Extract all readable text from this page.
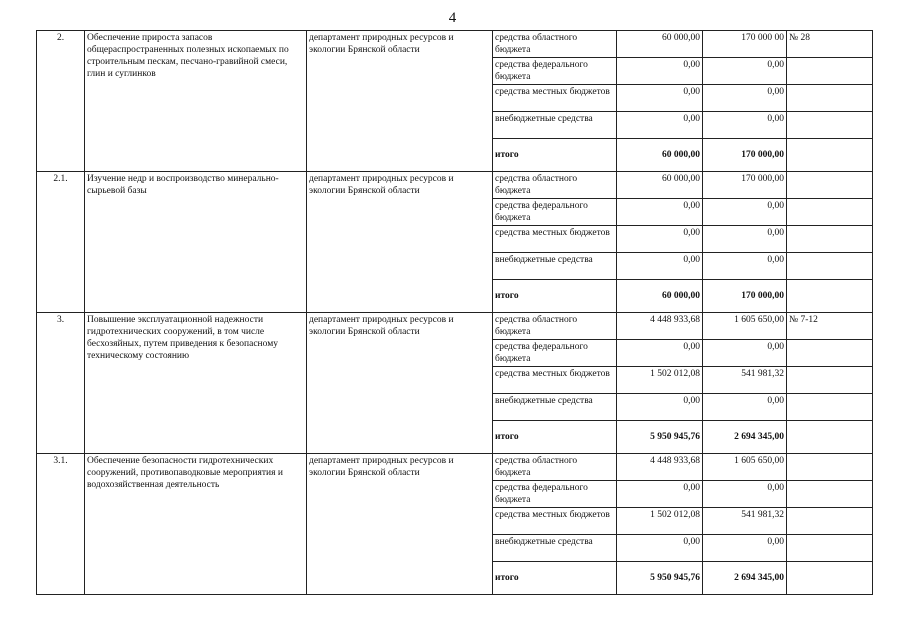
4
2.	Обеспечение прироста запасов общераспространенных полезных ископаемых по строительным пескам, песчано-гравийной смеси, глин и суглинков	департамент природных ресурсов и экологии Брянской области	средства областного бюджета	60 000,00	170 000 00	№ 28
			средства федерального бюджета	0,00	0,00	
			средства местных бюджетов	0,00	0,00	
			внебюджетные средства	0,00	0,00	
			итого	60 000,00	170 000,00	
2.1.	Изучение недр и воспроизводство минерально-сырьевой базы	департамент природных ресурсов и экологии Брянской области	средства областного бюджета	60 000,00	170 000,00	
			средства федерального бюджета	0,00	0,00	
			средства местных бюджетов	0,00	0,00	
			внебюджетные средства	0,00	0,00	
			итого	60 000,00	170 000,00	
3.	Повышение эксплуатационной надежности гидротехнических сооружений, в том числе бесхозяйных, путем приведения к безопасному техническому состоянию	департамент природных ресурсов и экологии Брянской области	средства областного бюджета	4 448 933,68	1 605 650,00	№ 7-12
			средства федерального бюджета	0,00	0,00	
			средства местных бюджетов	1 502 012,08	541 981,32	
			внебюджетные средства	0,00	0,00	
			итого	5 950 945,76	2 694 345,00	
3.1.	Обеспечение безопасности гидротехнических сооружений, противопаводковые мероприятия и водохозяйственная деятельность	департамент природных ресурсов и экологии Брянской области	средства областного бюджета	4 448 933,68	1 605 650,00	
			средства федерального бюджета	0,00	0,00	
			средства местных бюджетов	1 502 012,08	541 981,32	
			внебюджетные средства	0,00	0,00	
			итого	5 950 945,76	2 694 345,00	
